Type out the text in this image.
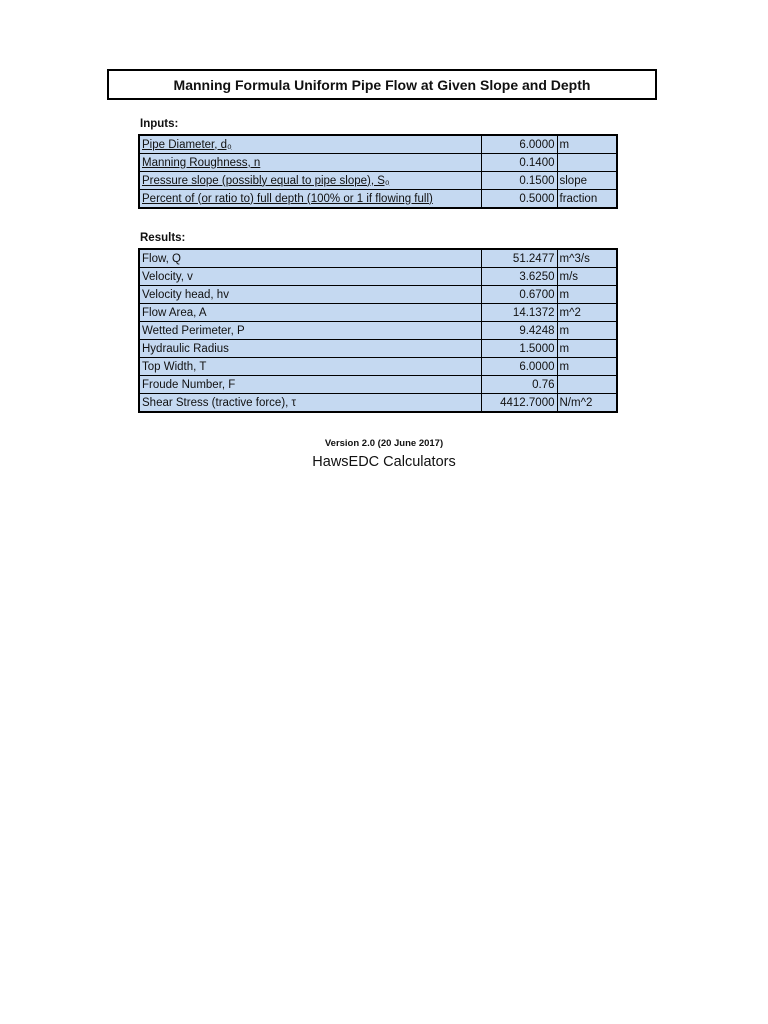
Manning Formula Uniform Pipe Flow at Given Slope and Depth
Inputs:
Pipe Diameter, d₀	6.0000	m
Manning Roughness, n	0.1400	
Pressure slope (possibly equal to pipe slope), S₀	0.1500	slope
Percent of (or ratio to) full depth (100% or 1 if flowing full)	0.5000	fraction
Results:
Flow, Q	51.2477	m^3/s
Velocity, v	3.6250	m/s
Velocity head, hv	0.6700	m
Flow Area, A	14.1372	m^2
Wetted Perimeter, P	9.4248	m
Hydraulic Radius	1.5000	m
Top Width, T	6.0000	m
Froude Number, F	0.76	
Shear Stress (tractive force), τ	4412.7000	N/m^2
Version 2.0 (20 June 2017)
HawsEDC Calculators
